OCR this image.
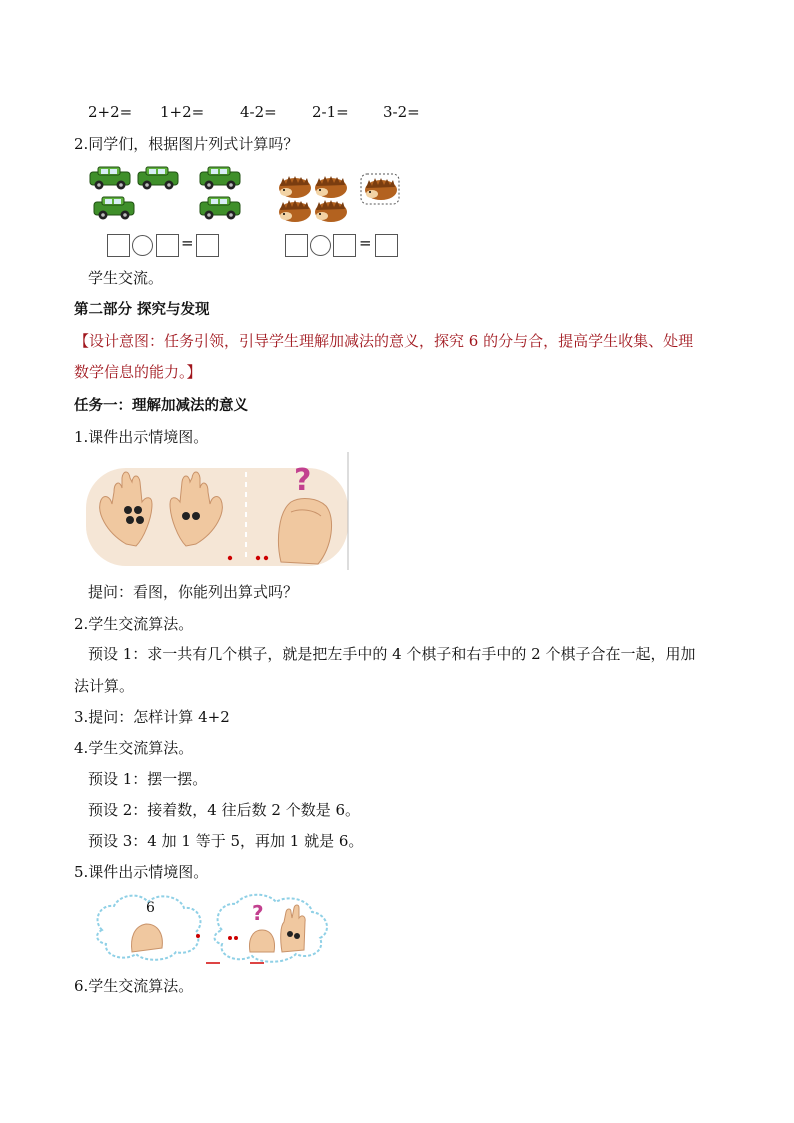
2+2= 1+2= 4-2= 2-1= 3-2=
2.同学们，根据图片列式计算吗？
=	=
学生交流。
第二部分 探究与发现
【设计意图：任务引领，引导学生理解加减法的意义，探究 6 的分与合，提高学生收集、处理
数学信息的能力。】
任务一：理解加减法的意义
1.课件出示情境图。
?
提问：看图，你能列出算式吗？
2.学生交流算法。
预设 1：求一共有几个棋子，就是把左手中的 4 个棋子和右手中的 2 个棋子合在一起，用加
法计算。
3.提问：怎样计算 4+2
4.学生交流算法。
预设 1：摆一摆。
预设 2：接着数，4 往后数 2 个数是 6。
预设 3：4 加 1 等于 5，再加 1 就是 6。
5.课件出示情境图。
6	?
6.学生交流算法。
